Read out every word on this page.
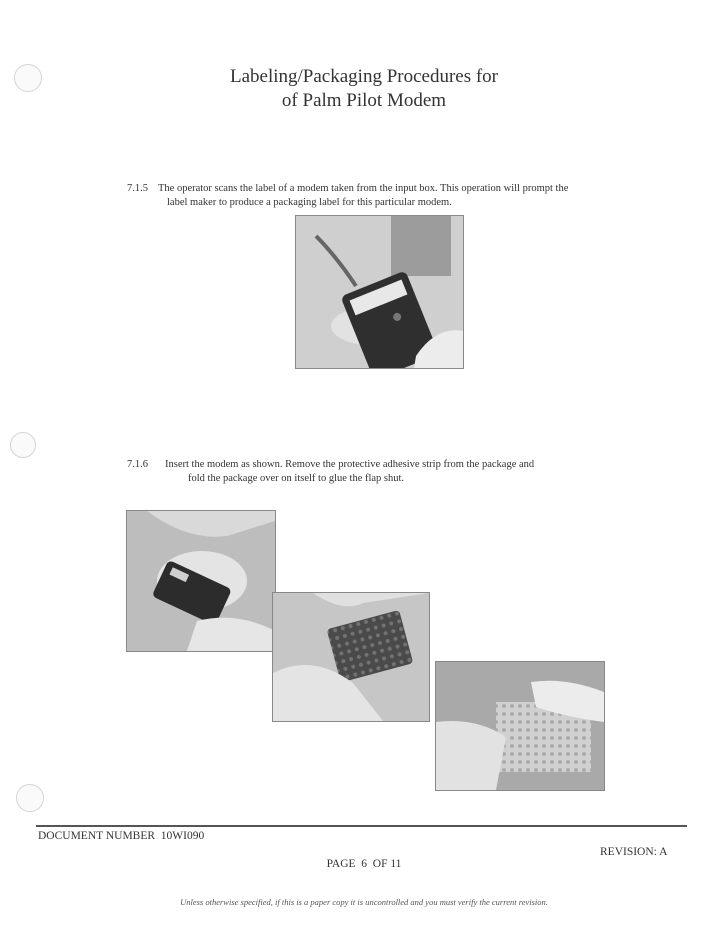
Labeling/Packaging Procedures for
of Palm Pilot Modem
7.1.5 The operator scans the label of a modem taken from the input box. This operation will prompt the
label maker to produce a packaging label for this particular modem.
7.1.6 Insert the modem as shown. Remove the protective adhesive strip from the package and
fold the package over on itself to glue the flap shut.
DOCUMENT NUMBER  10WI090
REVISION: A
PAGE  6  OF 11
Unless otherwise specified, if this is a paper copy it is uncontrolled and you must verify the current revision.
